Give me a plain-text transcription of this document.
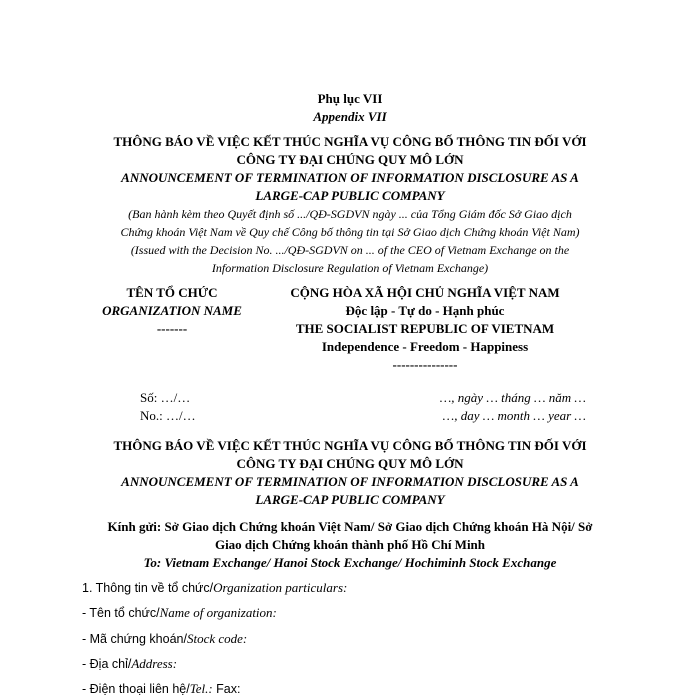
Phụ lục VII
Appendix VII
THÔNG BÁO VỀ VIỆC KẾT THÚC NGHĨA VỤ CÔNG BỐ THÔNG TIN ĐỐI VỚI
CÔNG TY ĐẠI CHÚNG QUY MÔ LỚN
ANNOUNCEMENT OF TERMINATION OF INFORMATION DISCLOSURE AS A
LARGE-CAP PUBLIC COMPANY
(Ban hành kèm theo Quyết định số .../QĐ-SGDVN ngày ... của Tổng Giám đốc Sở Giao dịch
Chứng khoán Việt Nam về Quy chế Công bố thông tin tại Sở Giao dịch Chứng khoán Việt Nam)
(Issued with the Decision No. .../QĐ-SGDVN on ... of the CEO of Vietnam Exchange on the
Information Disclosure Regulation of Vietnam Exchange)
TÊN TỔ CHỨC
ORGANIZATION NAME
-------
CỘNG HÒA XÃ HỘI CHỦ NGHĨA VIỆT NAM
Độc lập - Tự do - Hạnh phúc
THE SOCIALIST REPUBLIC OF VIETNAM
Independence - Freedom - Happiness
---------------
Số: …/…
No.: …/…
…, ngày … tháng … năm …
…, day … month … year …
THÔNG BÁO VỀ VIỆC KẾT THÚC NGHĨA VỤ CÔNG BỐ THÔNG TIN ĐỐI VỚI
CÔNG TY ĐẠI CHÚNG QUY MÔ LỚN
ANNOUNCEMENT OF TERMINATION OF INFORMATION DISCLOSURE AS A
LARGE-CAP PUBLIC COMPANY
Kính gửi: Sở Giao dịch Chứng khoán Việt Nam/ Sở Giao dịch Chứng khoán Hà Nội/ Sở
Giao dịch Chứng khoán thành phố Hồ Chí Minh
To: Vietnam Exchange/ Hanoi Stock Exchange/ Hochiminh Stock Exchange
1. Thông tin về tổ chức/Organization particulars:
- Tên tổ chức/Name of organization:
- Mã chứng khoán/Stock code:
- Địa chỉ/Address:
- Điện thoại liên hệ/Tel.: Fax:
